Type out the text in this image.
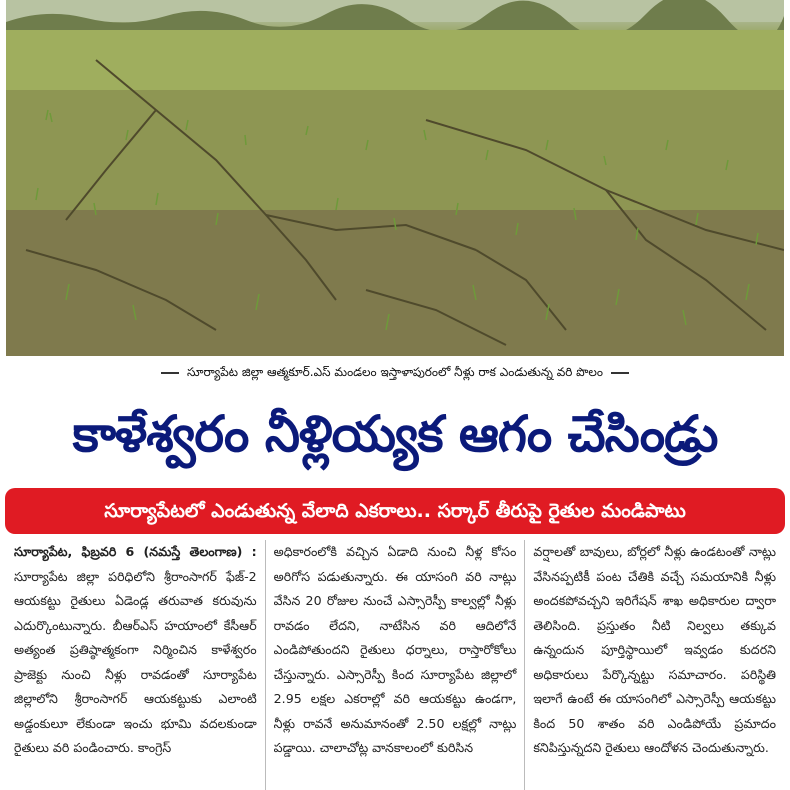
సూర్యాపేట జిల్లా ఆత్మకూర్.ఎస్ మండలం ఇస్తాళాపురంలో నీళ్లు రాక ఎండుతున్న వరి పొలం
కాళేశ్వరం నీళ్లియ్యక ఆగం చేసిండ్రు
సూర్యాపేటలో ఎండుతున్న వేలాది ఎకరాలు.. సర్కార్ తీరుపై రైతుల మండిపాటు
సూర్యాపేట, ఫిబ్రవరి 6 (నమస్తే తెలంగాణ) : సూర్యాపేట జిల్లా పరిధిలోని శ్రీరాంసాగర్ ఫేజ్-2 ఆయకట్టు రైతులు ఏడెండ్ల తరువాత కరువును ఎదుర్కొంటున్నారు. బీఆర్ఎస్ హయాంలో కేసీఆర్ అత్యంత ప్రతిష్ఠాత్మకంగా నిర్మించిన కాళేశ్వరం ప్రాజెక్టు నుంచి నీళ్లు రావడంతో సూర్యాపేట జిల్లాలోని శ్రీరాంసాగర్ ఆయకట్టుకు ఎలాంటి అడ్డంకులూ లేకుండా ఇంచు భూమి వదలకుండా రైతులు వరి పండించారు. కాంగ్రెస్
అధికారంలోకి వచ్చిన ఏడాది నుంచి నీళ్ల కోసం అరిగోస పడుతున్నారు. ఈ యాసంగి వరి నాట్లు వేసిన 20 రోజుల నుంచే ఎస్సారెస్పీ కాల్వల్లో నీళ్లు రావడం లేదని, నాటేసిన వరి ఆదిలోనే ఎండిపోతుందని రైతులు ధర్నాలు, రాస్తారోకోలు చేస్తున్నారు. ఎస్సారెస్పీ కింద సూర్యాపేట జిల్లాలో 2.95 లక్షల ఎకరాల్లో వరి ఆయకట్టు ఉండగా, నీళ్లు రావనే అనుమానంతో 2.50 లక్షల్లో నాట్లు పడ్డాయి. చాలాచోట్ల వానకాలంలో కురిసిన
వర్షాలతో బావులు, బోర్లలో నీళ్లు ఉండటంతో నాట్లు వేసినప్పటికీ పంట చేతికి వచ్చే సమయానికి నీళ్లు అందకపోవచ్చని ఇరిగేషన్ శాఖ అధికారుల ద్వారా తెలిసింది. ప్రస్తుతం నీటి నిల్వలు తక్కువ ఉన్నందున పూర్తిస్థాయిలో ఇవ్వడం కుదరని అధికారులు పేర్కొన్నట్టు సమాచారం. పరిస్థితి ఇలాగే ఉంటే ఈ యాసంగిలో ఎస్సారెస్పీ ఆయకట్టు కింద 50 శాతం వరి ఎండిపోయే ప్రమాదం కనిపిస్తున్నదని రైతులు ఆందోళన చెందుతున్నారు.
